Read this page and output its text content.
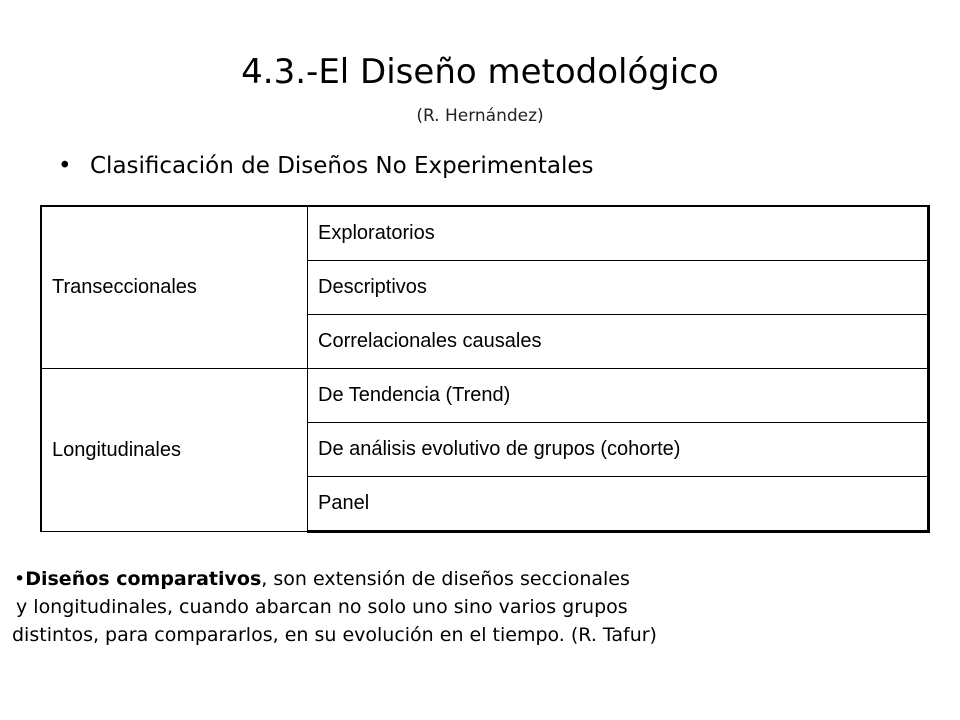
4.3.-El Diseño metodológico
(R. Hernández)
• Clasificación de Diseños No Experimentales
Transeccionales	Exploratorios
	Descriptivos
	Correlacionales causales
Longitudinales	De Tendencia (Trend)
	De análisis evolutivo de grupos (cohorte)
	Panel
•Diseños comparativos, son extensión de diseños seccionales
y longitudinales, cuando abarcan no solo uno sino varios grupos
distintos, para compararlos, en su evolución en el tiempo. (R. Tafur)
